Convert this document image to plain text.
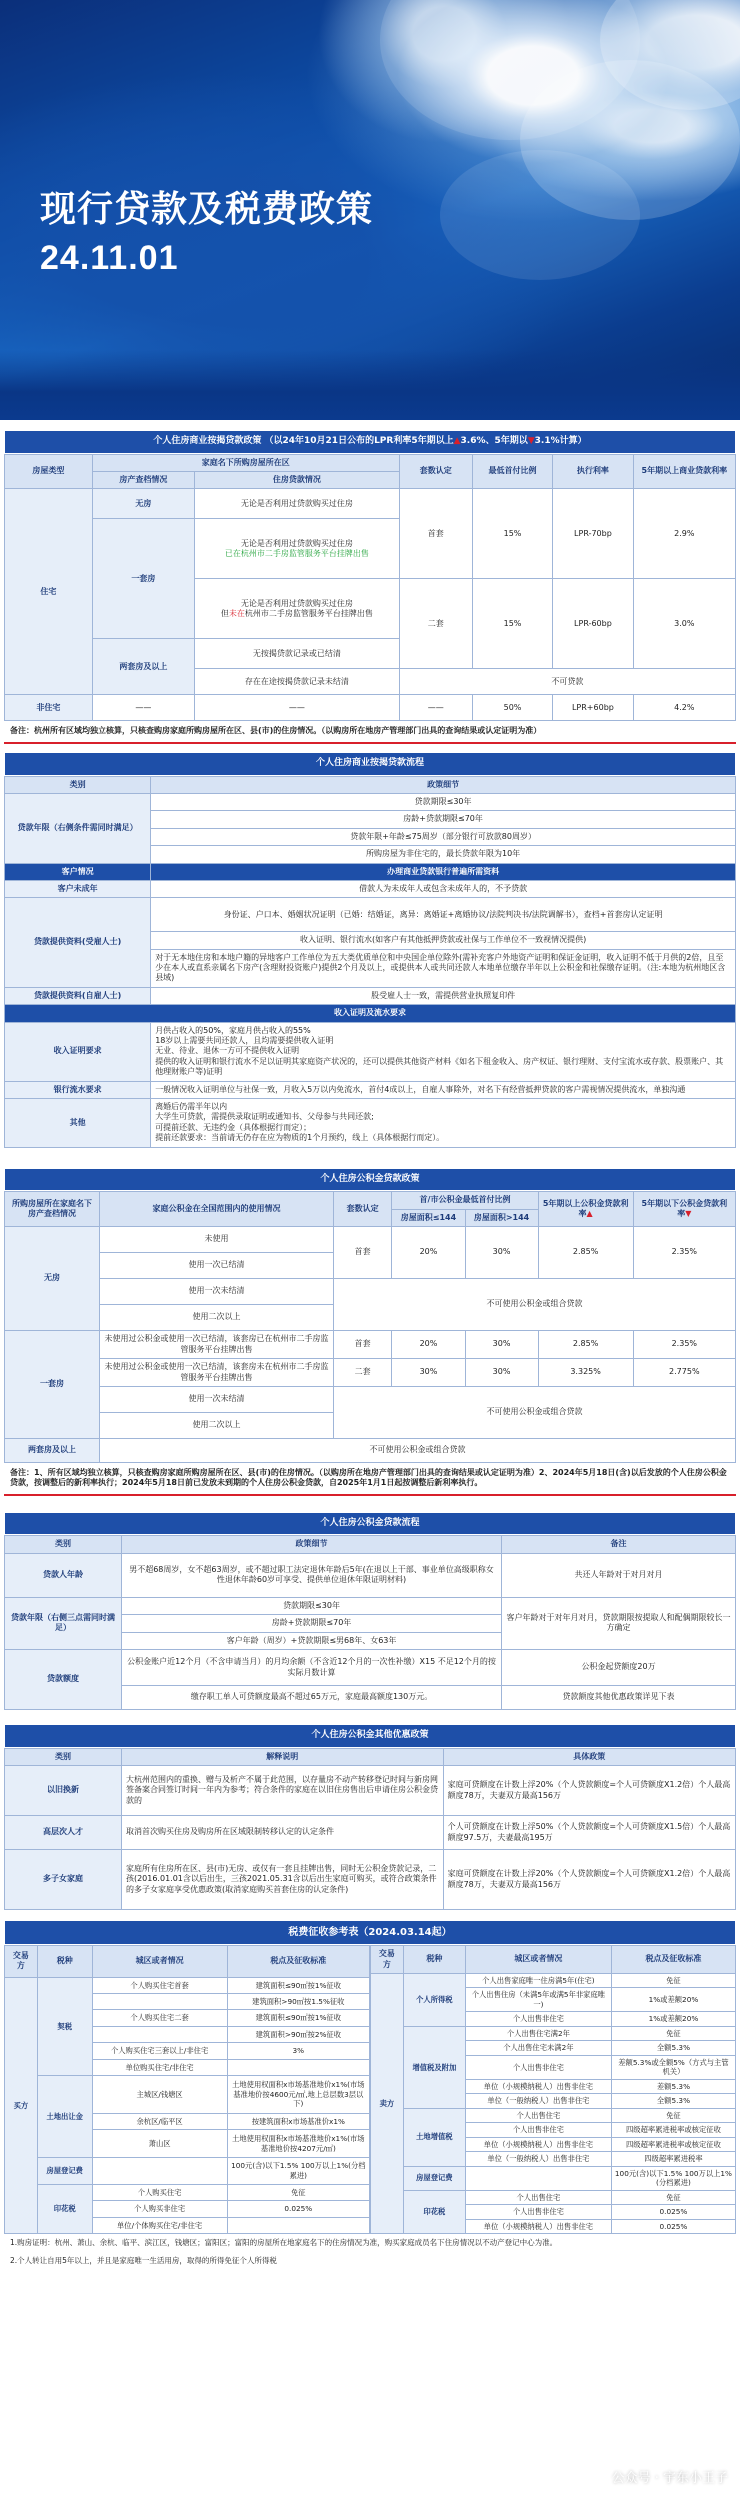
现行贷款及税费政策
24.11.01
个人住房商业按揭贷款政策 （以24年10月21日公布的LPR利率5年期以上▲3.6%、5年期以▼3.1%计算）
房屋类型	家庭名下所购房屋所在区		套数认定	最低首付比例	执行利率	5年期以上商业贷款利率
	房产查档情况	住房贷款情况				
住宅	无房	无论是否利用过贷款购买过住房	首套	15%	LPR-70bp	2.9%
	一套房	无论是否利用过贷款购买过住房
已在杭州市二手房监管服务平台挂牌出售				
		无论是否利用过贷款购买过住房
但未在杭州市二手房监管服务平台挂牌出售	二套	15%	LPR-60bp	3.0%
	两套房及以上	无按揭贷款记录或已结清				
		存在在途按揭贷款记录未结清	不可贷款			
非住宅	——	——	——	50%	LPR+60bp	4.2%
备注：杭州所有区域均独立核算，只核查购房家庭所购房屋所在区、县(市)的住房情况。（以购房所在地房产管理部门出具的查询结果或认定证明为准）
个人住房商业按揭贷款流程
类别	政策细节
贷款年限（右侧条件需同时满足）	贷款期限≤30年
	房龄+贷款期限≤70年
	贷款年限+年龄≤75周岁（部分银行可放款80周岁）
	所购房屋为非住宅的，最长贷款年限为10年
客户情况	办理商业贷款银行普遍所需资料
客户未成年	借款人为未成年人或包含未成年人的，不予贷款
贷款提供资料(受雇人士)	身份证、户口本、婚姻状况证明（已婚：结婚证，离异：离婚证+离婚协议/法院判决书/法院调解书），查档+首套房认定证明
	收入证明、银行流水(如客户有其他抵押贷款或社保与工作单位不一致视情况提供)
	对于无本地住房和本地户籍的异地客户工作单位为五大类优质单位和中央国企单位除外(需补充客户外地资产证明和保证金证明，收入证明不低于月供的2倍，且至少在本人或直系亲属名下房产(含理财投资账户)提供2个月及以上，或提供本人或共同还款人本地单位缴存半年以上公积金和社保缴存证明。（注:本地为杭州地区含县域)
贷款提供资料(自雇人士)	股受雇人士一致，需提供营业执照复印件
收入证明及流水要求	
收入证明要求	月供占收入的50%，家庭月供占收入的55%
18岁以上需要共同还款人，且均需要提供收入证明
无业、待业、退休一方可不提供收入证明
提供的收入证明和银行流水不足以证明其家庭资产状况的，还可以提供其他资产材料《如名下租金收入、房产权证、银行理财、支付宝流水或存款、股票账户、其他理财账户等)证明

银行流水要求	一般情况收入证明单位与社保一致，月收入5万以内免流水，首付4成以上，自雇人事除外，对名下有经营抵押贷款的客户需视情况提供流水，单独沟通
其他	离婚后仍需半年以内
大学生可贷款，需提供录取证明或通知书、父母参与共同还款;
可提前还款、无违约金（具体根据行而定）；
提前还款要求：当前请无仍存在应为物质的1个月预约，线上（具体根据行而定）。
个人住房公积金贷款政策
所购房屋所在家庭名下房产查档情况	家庭公积金在全国范围内的使用情况	套数认定	首/市公积金最低首付比例		5年期以上公积金贷款利率▲	5年期以下公积金贷款利率▼
			房屋面积≤144	房屋面积>144		
无房	未使用	首套	20%	30%	2.85%	2.35%
	使用一次已结清					
	使用一次未结清	不可使用公积金或组合贷款				
	使用二次以上					
一套房	未使用过公积金或使用一次已结清，该套房已在杭州市二手房监管服务平台挂牌出售	首套	20%	30%	2.85%	2.35%
	未使用过公积金或使用一次已结清，该套房未在杭州市二手房监管服务平台挂牌出售	二套	30%	30%	3.325%	2.775%
	使用一次未结清	不可使用公积金或组合贷款				
	使用二次以上					
两套房及以上	不可使用公积金或组合贷款					
备注：1、所有区域均独立核算，只核查购房家庭所购房屋所在区、县(市)的住房情况。（以购房所在地房产管理部门出具的查询结果或认定证明为准）2、2024年5月18日(含)以后发放的个人住房公积金贷款，按调整后的新利率执行；2024年5月18日前已发放未到期的个人住房公积金贷款，自2025年1月1日起按调整后新利率执行。
个人住房公积金贷款流程
类别	政策细节	备注
贷款人年龄	男不超68周岁，女不超63周岁，或不超过职工法定退休年龄后5年(在退以上干部、事业单位高级职称女性退休年龄60岁可享受、提供单位退休年限证明材料)	共还人年龄对于对月对月
贷款年限（右侧三点需同时满足）	贷款期限≤30年	客户年龄对于对年月对月，贷款期限按提取人和配偶期限较长一方确定
	房龄+贷款期限≤70年	
	客户年龄（周岁）+贷款期限≤男68年、女63年	
贷款额度	公积金账户近12个月（不含申请当月）的月均余额（不含近12个月的一次性补缴）X15 不足12个月的按实际月数计算	公积金起贷额度20万
	缴存职工单人可贷额度最高不超过65万元，家庭最高额度130万元。	贷款额度其他优惠政策详见下表
个人住房公积金其他优惠政策
类别	解释说明	具体政策
以旧换新	大杭州范围内的重换、赠与及析产不属于此范围，以存量房不动产转移登记时间与新房网签备案合同签订时间一年内为参考；符合条件的家庭在以旧住房售出后申请住房公积金贷款的	家庭可贷额度在计数上浮20%（个人贷款额度=个人可贷额度X1.2倍）个人最高额度78万，夫妻双方最高156万
高层次人才	取消首次购买住房及购房所在区域限制转移认定的认定条件	个人可贷额度在计数上浮50%（个人贷款额度=个人可贷额度X1.5倍）个人最高额度97.5万，夫妻最高195万
多子女家庭	家庭所有住房所在区、县(市)无房、或仅有一套且挂牌出售，同时无公积金贷款记录，二孩(2016.01.01含以后出生，三孩2021.05.31含以后出生家庭可购买，或符合政策条件的多子女家庭享受优惠政策(取消家庭购买首套住房的认定条件)	家庭可贷额度在计数上浮20%（个人贷款额度=个人可贷额度X1.2倍）个人最高额度78万，夫妻双方最高156万
税费征收参考表（2024.03.14起）
交易方	税种	城区或者情况	税点及征收标准
买方	契税	个人购买住宅首套	建筑面积≤90㎡按1%征收
			建筑面积>90㎡按1.5%征收
		个人购买住宅二套	建筑面积≤90㎡按1%征收
			建筑面积>90㎡按2%征收
		个人购买住宅三套以上/非住宅	3%
		单位购买住宅/非住宅	
	土地出让金	主城区/钱塘区	土地使用权面积x市场基准地价x1%(市场基准地价按4600元/㎡,地上总层数3层以下)
		余杭区/临平区	按建筑面积x市场基准价x1%
		萧山区	土地使用权面积x市场基准地价x1%(市场基准地价按4207元/㎡)
	房屋登记费		100元(含)以下1.5% 100万以上1%(分档累进)
	印花税	个人购买住宅	免征
		个人购买非住宅	0.025%
		单位/个体购买住宅/非住宅	
交易方	税种	城区或者情况	税点及征收标准
卖方	个人所得税	个人出售家庭唯一住房满5年(住宅)	免征
		个人出售住房（未满5年或满5年非家庭唯一)	1%或差额20%
		个人出售非住宅	1%或差额20%
	增值税及附加	个人出售住宅满2年	免征
		个人出售住宅未满2年	全额5.3%
		个人出售非住宅	差额5.3%或全额5%（方式与主管机关）
		单位（小规模纳税人）出售非住宅	差额5.3%
		单位（一般纳税人）出售非住宅	全额5.3%
	土地增值税	个人出售住宅	免征
		个人出售非住宅	四级超率累进税率或核定征收
		单位（小规模纳税人）出售非住宅	四级超率累进税率或核定征收
		单位（一般纳税人）出售非住宅	四级超率累进税率
	房屋登记费		100元(含)以下1.5% 100万以上1%(分档累进)
	印花税	个人出售住宅	免征
		个人出售非住宅	0.025%
		单位（小规模纳税人）出售非住宅	0.025%
1.购房证明：杭州、萧山、余杭、临平、滨江区，钱塘区；富阳区；富阳的房屋所在地家庭名下的住房情况为准，购买家庭成员名下住房情况以不动产登记中心为准。
2.个人转让自用5年以上，并且是家庭唯一生活用房，取得的所得免征个人所得税
公众号 · 宇东小王子
